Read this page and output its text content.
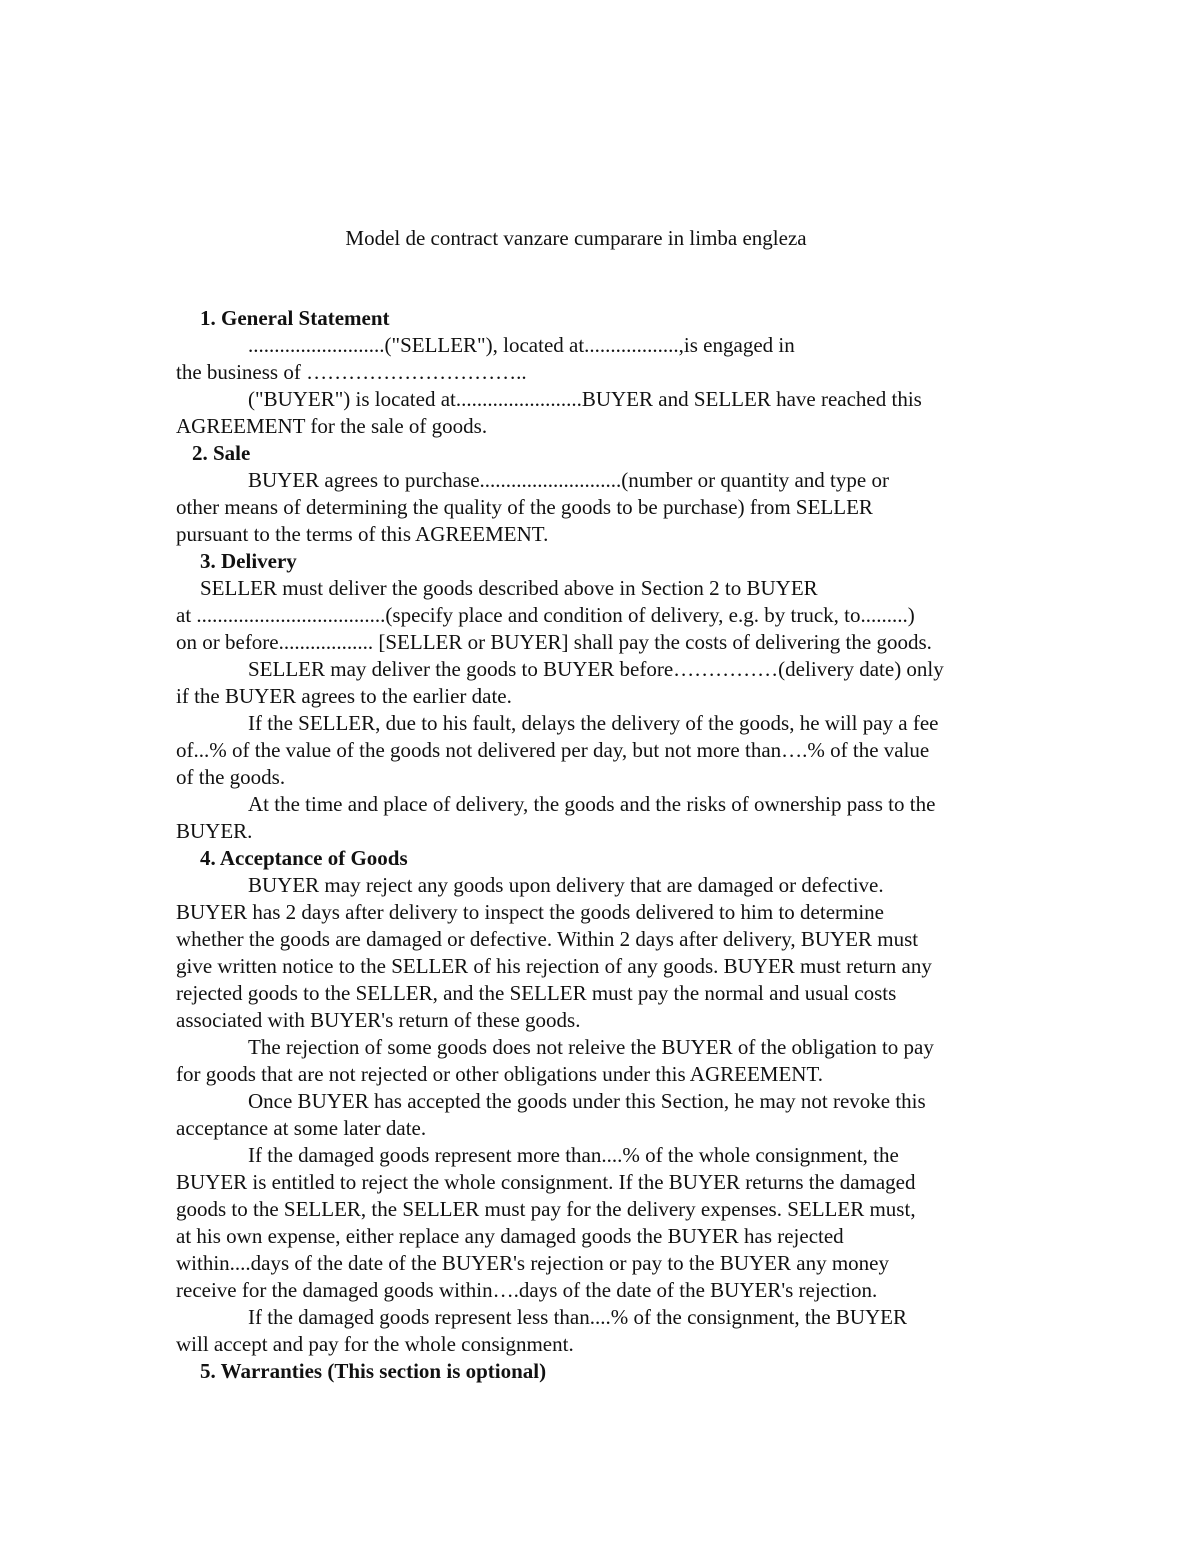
Model de contract vanzare cumparare in limba engleza
1. General Statement
..........................("SELLER"), located at..................,is engaged in
the business of …………………………..
("BUYER") is located at........................BUYER and SELLER have reached this
AGREEMENT for the sale of goods.
2. Sale
BUYER agrees to purchase...........................(number or quantity and type or
other means of determining the quality of the goods to be purchase) from SELLER
pursuant to the terms of this AGREEMENT.
3. Delivery
SELLER must deliver the goods described above in Section 2 to BUYER
at ....................................(specify place and condition of delivery, e.g. by truck, to.........)
on or before.................. [SELLER or BUYER] shall pay the costs of delivering the goods.
SELLER may deliver the goods to BUYER before……………(delivery date) only
if the BUYER agrees to the earlier date.
If the SELLER, due to his fault, delays the delivery of the goods, he will pay a fee
of...% of the value of the goods not delivered per day, but not more than….% of the value
of the goods.
At the time and place of delivery, the goods and the risks of ownership pass to the
BUYER.
4. Acceptance of Goods
BUYER may reject any goods upon delivery that are damaged or defective.
BUYER has 2 days after delivery to inspect the goods delivered to him to determine
whether the goods are damaged or defective. Within 2 days after delivery, BUYER must
give written notice to the SELLER of his rejection of any goods. BUYER must return any
rejected goods to the SELLER, and the SELLER must pay the normal and usual costs
associated with BUYER's return of these goods.
The rejection of some goods does not releive the BUYER of the obligation to pay
for goods that are not rejected or other obligations under this AGREEMENT.
Once BUYER has accepted the goods under this Section, he may not revoke this
acceptance at some later date.
If the damaged goods represent more than....% of the whole consignment, the
BUYER is entitled to reject the whole consignment. If the BUYER returns the damaged
goods to the SELLER, the SELLER must pay for the delivery expenses. SELLER must,
at his own expense, either replace any damaged goods the BUYER has rejected
within....days of the date of the BUYER's rejection or pay to the BUYER any money
receive for the damaged goods within….days of the date of the BUYER's rejection.
If the damaged goods represent less than....% of the consignment, the BUYER
will accept and pay for the whole consignment.
5. Warranties (This section is optional)
